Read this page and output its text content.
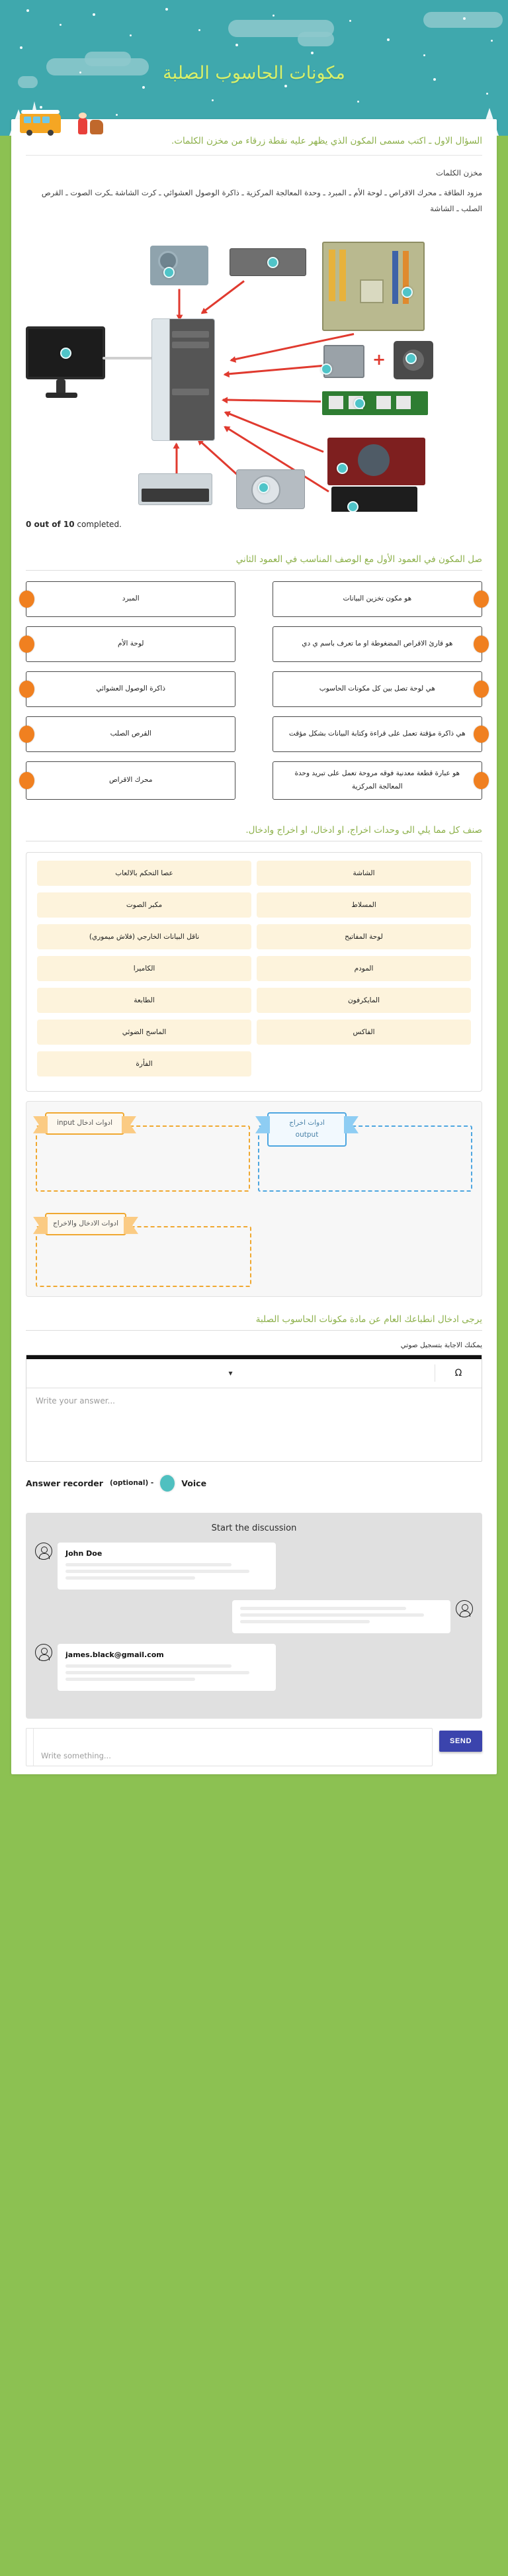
مكونات الحاسوب الصلبة
السؤال الاول ـ اكتب مسمى المكون الذي يظهر عليه نقطة زرقاء من مخزن الكلمات.
مخزن الكلمات
مزود الطاقة ـ محرك الاقراص ـ لوحة الأم ـ المبرد ـ وحدة المعالجة المركزية ـ ذاكرة الوصول العشوائي ـ كرت الشاشة ـكرت الصوت ـ القرص الصلب ـ الشاشة
+
0 out of 10 completed.
صل المكون في العمود الأول مع الوصف المناسب في العمود الثاني
هو مكون تخزين البيانات
المبرد
هو قارئ الاقراص المضغوطة او ما تعرف باسم ي دي
لوحة الأم
هي لوحة تصل بين كل مكونات الحاسوب
ذاكرة الوصول العشوائي
هي ذاكرة مؤقتة تعمل على قراءة وكتابة البيانات بشكل مؤقت
القرص الصلب
هو عبارة قطعة معدنية فوقه مروحة تعمل على تبريد وحدة المعالجة المركزية
محرك الاقراص
صنف كل مما يلي الى وحدات اخراج، او ادخال، او اخراج وادخال.
عصا التحكم بالالعاب	الشاشة
مكبر الصوت	المسلاط
ناقل البيانات الخارجي (فلاش ميموري)	لوحة المفاتيح
الكاميرا	المودم
الطابعة	المايكرفون
الماسح الضوئي	الفاكس
الفأرة
ادوات ادخال input	ادوات اخراج
output
ادوات الادخال والاخراج
يرجى ادخال انطباعك العام عن مادة مكونات الحاسوب الصلبة
يمكنك الاجابة بتسجيل صوتي
▾	Ω
Write your answer...
Answer recorder (optional) -	Voice
Start the discussion
John Doe
james.black@gmail.com
Write something...
SEND
